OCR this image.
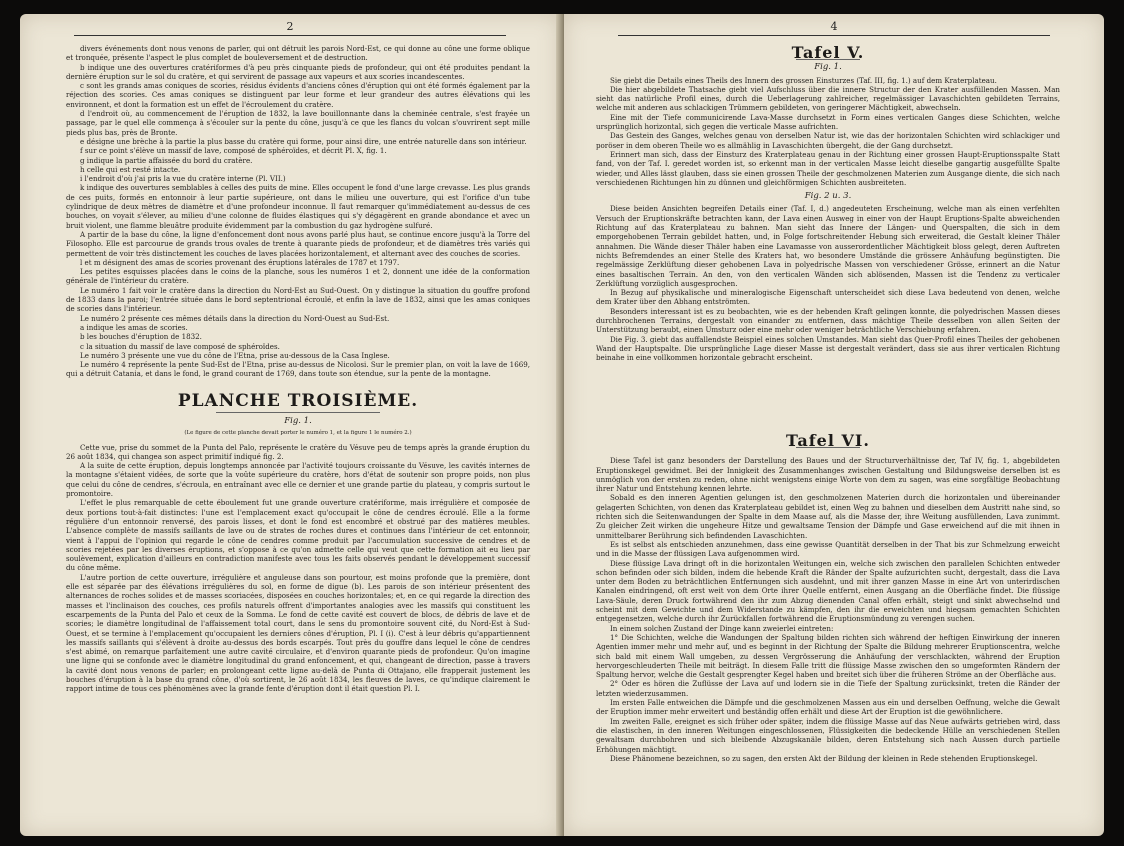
2

divers événements dont nous venons de parler, qui ont détruit les parois Nord-Est, ce qui donne au cône une forme oblique et tronquée, présente l'aspect le plus complet de bouleversement et de destruction.

b indique une des ouvertures cratériformes d'à peu près cinquante pieds de profondeur, qui ont été produites pendant la dernière éruption sur le sol du cratère, et qui servirent de passage aux vapeurs et aux scories incandescentes.

c sont les grands amas coniques de scories, résidus évidents d'anciens cônes d'éruption qui ont été formés également par la réjection des scories. Ces amas coniques se distinguent par leur forme et leur grandeur des autres élévations qui les environnent, et dont la formation est un effet de l'écroulement du cratère.

d l'endroit où, au commencement de l'éruption de 1832, la lave bouillonnante dans la cheminée centrale, s'est frayée un passage, par le quel elle commença à s'écouler sur la pente du cône, jusqu'à ce que les flancs du volcan s'ouvrirent sept mille pieds plus bas, près de Bronte.

e désigne une brèche à la partie la plus basse du cratère qui forme, pour ainsi dire, une entrée naturelle dans son intérieur.

f sur ce point s'élève un massif de lave, composé de sphéroïdes, et décrit Pl. X, fig. 1.

g indique la partie affaissée du bord du cratère.

h celle qui est resté intacte.

i l'endroit d'où j'ai pris la vue du cratère interne (Pl. VII.)

k indique des ouvertures semblables à celles des puits de mine. Elles occupent le fond d'une large crevasse. Les plus grands de ces puits, formés en entonnoir à leur partie supérieure, ont dans le milieu une ouverture, qui est l'orifice d'un tube cylindrique de deux mètres de diamètre et d'une profondeur inconnue. Il faut remarquer qu'immédiatement au-dessus de ces bouches, on voyait s'élever, au milieu d'une colonne de fluides élastiques qui s'y dégagèrent en grande abondance et avec un bruit violent, une flamme bleuâtre produite évidemment par la combustion du gaz hydrogène sulfuré.

A partir de la base du cône, la ligne d'enfoncement dont nous avons parlé plus haut, se continue encore jusqu'à la Torre del Filosopho. Elle est parcourue de grands trous ovales de trente à quarante pieds de profondeur, et de diamètres très variés qui permettent de voir très distinctement les couches de laves placées horizontalement, et alternant avec des couches de scories.

l et m désignent des amas de scories provenant des éruptions latérales de 1787 et 1797.

Les petites esquisses placées dans le coins de la planche, sous les numéros 1 et 2, donnent une idée de la conformation générale de l'intérieur du cratère.

Le numéro 1 fait voir le cratère dans la direction du Nord-Est au Sud-Ouest. On y distingue la situation du gouffre profond de 1833 dans la paroi; l'entrée située dans le bord septentrional écroulé, et enfin la lave de 1832, ainsi que les amas coniques de scories dans l'intérieur.

Le numéro 2 présente ces mêmes détails dans la direction du Nord-Ouest au Sud-Est.

a indique les amas de scories.

b les bouches d'éruption de 1832.

c la situation du massif de lave composé de sphéroïdes.

Le numéro 3 présente une vue du cône de l'Etna, prise au-dessous de la Casa Inglese.

Le numéro 4 représente la pente Sud-Est de l'Etna, prise au-dessus de Nicolosi. Sur le premier plan, on voit la lave de 1669, qui a détruit Catania, et dans le fond, le grand courant de 1769, dans toute son étendue, sur la pente de la montagne.

PLANCHE TROISIÈME.
Fig. 1.
(Le figure de cette planche devait porter le numéro 1, et la figure 1 le numéro 2.)

Cette vue, prise du sommet de la Punta del Palo, représente le cratère du Vésuve peu de temps après la grande éruption du 26 août 1834, qui changea son aspect primitif indiqué fig. 2.

A la suite de cette éruption, depuis longtemps annoncée par l'activité toujours croissante du Vésuve, les cavités internes de la montagne s'étaient vidées, de sorte que la voûte supérieure du cratère, hors d'état de soutenir son propre poids, non plus que celui du cône de cendres, s'écroula, en entraînant avec elle ce dernier et une grande partie du plateau, y compris surtout le promontoire.

L'effet le plus remarquable de cette éboulement fut une grande ouverture cratériforme, mais irrégulière et composée de deux portions tout-à-fait distinctes: l'une est l'emplacement exact qu'occupait le cône de cendres écroulé. Elle a la forme régulière d'un entonnoir renversé, des parois lisses, et dont le fond est encombré et obstrué par des matières meubles. L'absence complète de massifs saillants de lave ou de strates de roches dures et continues dans l'intérieur de cet entonnoir, vient à l'appui de l'opinion qui regarde le cône de cendres comme produit par l'accumulation successive de cendres et de scories rejetées par les diverses éruptions, et s'oppose à ce qu'on admette celle qui veut que cette formation ait eu lieu par soulèvement, explication d'ailleurs en contradiction manifeste avec tous les faits observés pendant le développement successif du cône même.

L'autre portion de cette ouverture, irrégulière et anguleuse dans son pourtour, est moins profonde que la première, dont elle est séparée par des élévations irrégulières du sol, en forme de digue (b). Les parois de son intérieur présentent des alternances de roches solides et de masses scoriacées, disposées en couches horizontales; et, en ce qui regarde la direction des masses et l'inclinaison des couches, ces profils naturels offrent d'importantes analogies avec les massifs qui constituent les escarpements de la Punta del Palo et ceux de la Somma. Le fond de cette cavité est couvert de blocs, de débris de lave et de scories; le diamètre longitudinal de l'affaissement total court, dans le sens du promontoire souvent cité, du Nord-Est à Sud-Ouest, et se termine à l'emplacement qu'occupaient les derniers cônes d'éruption, Pl. I (i). C'est à leur débris qu'appartiennent les massifs saillants qui s'élèvent à droite au-dessus des bords escarpés. Tout près du gouffre dans lequel le cône de cendres s'est abimé, on remarque parfaitement une autre cavité circulaire, et d'environ quarante pieds de profondeur. Qu'on imagine une ligne qui se confonde avec le diamètre longitudinal du grand enfoncement, et qui, changeant de direction, passe à travers la cavité dont nous venons de parler; en prolongeant cette ligne au-delà de Punta di Ottajano, elle frapperait justement les bouches d'éruption à la base du grand cône, d'où sortirent, le 26 août 1834, les fleuves de laves, ce qu'indique clairement le rapport intime de tous ces phénomènes avec la grande fente d'éruption dont il était question Pl. I.

4
Tafel V.
Fig. 1.

Sie giebt die Details eines Theils des Innern des grossen Einsturzes (Taf. III, fig. 1.) auf dem Kraterplateau.

Die hier abgebildete Thatsache giebt viel Aufschluss über die innere Structur der den Krater ausfüllenden Massen. Man sieht das natürliche Profil eines, durch die Ueberlagerung zahlreicher, regelmässiger Lavaschichten gebildeten Terrains, welche mit anderen aus schlackigen Trümmern gebildeten, von geringerer Mächtigkeit, abwechseln.

Eine mit der Tiefe communicirende Lava-Masse durchsetzt in Form eines verticalen Ganges diese Schichten, welche ursprünglich horizontal, sich gegen die verticale Masse aufrichten.

Das Gestein des Ganges, welches genau von derselben Natur ist, wie das der horizontalen Schichten wird schlackiger und poröser in dem oberen Theile wo es allmählig in Lavaschichten übergeht, die der Gang durchsetzt.

Erinnert man sich, dass der Einsturz des Kraterplateau genau in der Richtung einer grossen Haupt-Eruptionsspalte Statt fand, von der Taf. I. geredet worden ist, so erkennt man in der verticalen Masse leicht dieselbe gangartig ausgefüllte Spalte wieder, und Alles lässt glauben, dass sie einen grossen Theile der geschmolzenen Materien zum Ausgange diente, die sich nach verschiedenen Richtungen hin zu dünnen und gleichförmigen Schichten ausbreiteten.

Fig. 2 u. 3.

Diese beiden Ansichten begreifen Details einer (Taf. I, d.) angedeuteten Erscheinung, welche man als einen verfehlten Versuch der Eruptionskräfte betrachten kann, der Lava einen Ausweg in einer von der Haupt Eruptions-Spalte abweichenden Richtung auf das Kraterplateau zu bahnen. Man sieht das Innere der Längen- und Querspalten, die sich in dem emporgehobenen Terrain gebildet hatten, und, in Folge fortschreitender Hebung sich erweiterad, die Gestalt kleiner Thäler annahmen. Die Wände dieser Thäler haben eine Lavamasse von ausserordentlicher Mächtigkeit bloss gelegt, deren Auftreten nichts Befremdendes an einer Stelle des Kraters hat, wo besondere Umstände die grössere Anhäufung begünstigten. Die regelmässige Zerklüftung dieser gehobenen Lava in polyedrische Massen von verschiedener Grösse, erinnert an die Natur eines basaltischen Terrain. An den, von den verticalen Wänden sich ablösenden, Massen ist die Tendenz zu verticaler Zerklüftung vorzüglich ausgesprochen.

In Bezug auf physikalische und mineralogische Eigenschaft unterscheidet sich diese Lava bedeutend von denen, welche dem Krater über den Abhang entströmten.

Besonders interessant ist es zu beobachten, wie es der hebenden Kraft gelingen konnte, die polyedrischen Massen dieses durchbrochenen Terrains, dergestalt von einander zu entfernen, dass mächtige Theile desselben von allen Seiten der Unterstützung beraubt, einen Umsturz oder eine mehr oder weniger beträchtliche Verschiebung erfahren.

Die Fig. 3. giebt das auffallendste Beispiel eines solchen Umstandes. Man sieht das Quer-Profil eines Theiles der gehobenen Wand der Hauptspalte. Die ursprüngliche Lage dieser Masse ist dergestalt verändert, dass sie aus ihrer verticalen Richtung beinahe in eine vollkommen horizontale gebracht erscheint.

Tafel VI.

Diese Tafel ist ganz besonders der Darstellung des Baues und der Structurverhältnisse der, Taf IV, fig. 1, abgebildeten Eruptionskegel gewidmet. Bei der Innigkeit des Zusammenhanges zwischen Gestaltung und Bildungsweise derselben ist es unmöglich von der ersten zu reden, ohne nicht wenigstens einige Worte von dem zu sagen, was eine sorgfältige Beobachtung ihrer Natur und Entstehung kennen lehrte.

Sobald es den inneren Agentien gelungen ist, den geschmolzenen Materien durch die horizontalen und übereinander gelagerten Schichten, von denen das Kraterplateau gebildet ist, einen Weg zu bahnen und dieselben dem Austritt nahe sind, so richten sich die Seitenwandungen der Spalte in dem Maase auf, als die Masse der, ihre Weitung ausfüllenden, Lava zunimmt. Zu gleicher Zeit wirken die ungeheure Hitze und gewaltsame Tension der Dämpfe und Gase erweichend auf die mit ihnen in unmittelbarer Berührung sich befindenden Lavaschichten.

Es ist selbst als entschieden anzunehmen, dass eine gewisse Quantität derselben in der That bis zur Schmelzung erweicht und in die Masse der flüssigen Lava aufgenommen wird.

Diese flüssige Lava dringt oft in die horizontalen Weitungen ein, welche sich zwischen den parallelen Schichten entweder schon befinden oder sich bilden, indem die hebende Kraft die Ränder der Spalte aufzurichten sucht, dergestalt, dass die Lava unter dem Boden zu beträchtlichen Entfernungen sich ausdehnt, und mit ihrer ganzen Masse in eine Art von unterirdischen Kanalen eindringend, oft erst weit von dem Orte ihrer Quelle entfernt, einen Ausgang an die Oberfläche findet. Die flüssige Lava-Säule, deren Druck fortwährend den ihr zum Abzug dienenden Canal offen erhält, steigt und sinkt abwechselnd und scheint mit dem Gewichte und dem Widerstande zu kämpfen, den ihr die erweichten und hiegsam gemachten Schichten entgegensetzen, welche durch ihr Zurückfallen fortwährend die Eruptionsmündung zu verengen suchen.

In einem solchen Zustand der Dinge kann zweierlei eintreten:

1° Die Schichten, welche die Wandungen der Spaltung bilden richten sich während der heftigen Einwirkung der inneren Agentien immer mehr und mehr auf, und es beginnt in der Richtung der Spalte die Bildung mehrerer Eruptionscentra, welche sich bald mit einem Wall umgeben, zu dessen Vergrösserung die Anhäufung der verschlackten, während der Eruption hervorgeschleuderten Theile mit beiträgt. In diesem Falle tritt die flüssige Masse zwischen den so umgeformten Rändern der Spaltung hervor, welche die Gestalt gesprengter Kegel haben und breitet sich über die früheren Ströme an der Oberfläche aus.

2° Oder es hören die Zuflüsse der Lava auf und lodern sie in die Tiefe der Spaltung zurücksinkt, treten die Ränder der letzten wiederzusammen.

Im ersten Falle entweichen die Dämpfe und die geschmolzenen Massen aus ein und derselben Oeffnung, welche die Gewalt der Eruption immer mehr erweitert und beständig offen erhält und diese Art der Eruption ist die gewöhnlichere.

Im zweiten Falle, ereignet es sich früher oder später, indem die flüssige Masse auf das Neue aufwärts getrieben wird, dass die elastischen, in den inneren Weitungen eingeschlossenen, Flüssigkeiten die bedeckende Hülle an verschiedenen Stellen gewaltsam durchbohren und sich bleibende Abzugskanäle bilden, deren Entstehung sich nach Aussen durch partielle Erhöhungen mächtigt.

Diese Phänomene bezeichnen, so zu sagen, den ersten Akt der Bildung der kleinen in Rede stehenden Eruptionskegel.
